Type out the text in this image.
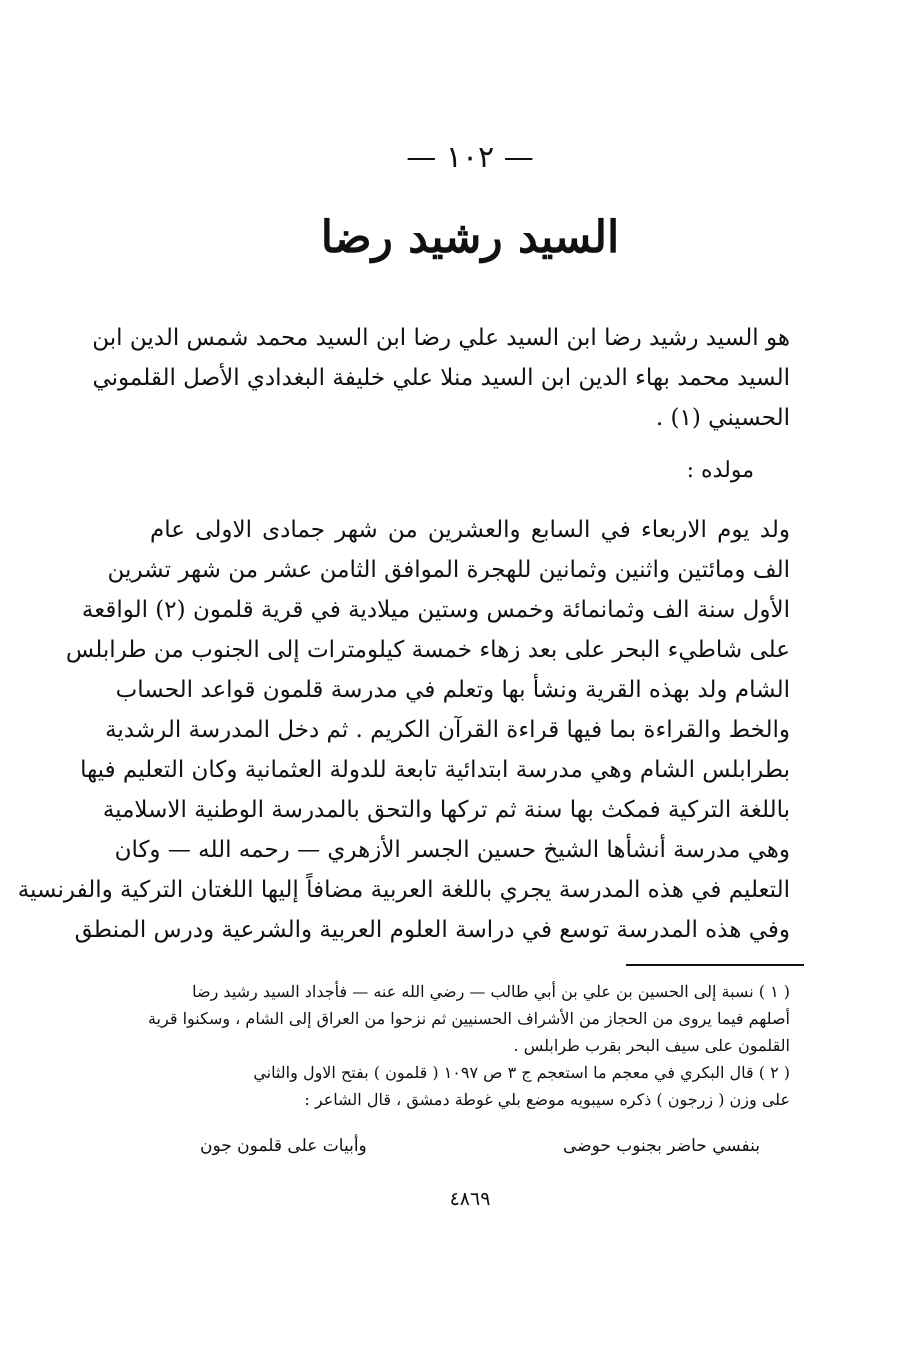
— ١٠٢ —
السيد رشيد رضا
هو السيد رشيد رضا ابن السيد علي رضا ابن السيد محمد شمس الدين ابن
السيد محمد بهاء الدين ابن السيد منلا علي خليفة البغدادي الأصل القلموني
الحسيني (١) .
مولده :
ولد يوم الاربعاء في السابع والعشرين من شهر جمادى الاولى عام
الف ومائتين واثنين وثمانين للهجرة الموافق الثامن عشر من شهر تشرين
الأول سنة الف وثمانمائة وخمس وستين ميلادية في قرية قلمون (٢) الواقعة
على شاطيء البحر على بعد زهاء خمسة كيلومترات إلى الجنوب من طرابلس
الشام ولد بهذه القرية ونشأ بها وتعلم في مدرسة قلمون قواعد الحساب
والخط والقراءة بما فيها قراءة القرآن الكريم . ثم دخل المدرسة الرشدية
بطرابلس الشام وهي مدرسة ابتدائية تابعة للدولة العثمانية وكان التعليم فيها
باللغة التركية فمكث بها سنة ثم تركها والتحق بالمدرسة الوطنية الاسلامية
وهي مدرسة أنشأها الشيخ حسين الجسر الأزهري — رحمه الله — وكان
التعليم في هذه المدرسة يجري باللغة العربية مضافاً إليها اللغتان التركية والفرنسية
وفي هذه المدرسة توسع في دراسة العلوم العربية والشرعية ودرس المنطق
( ١ ) نسبة إلى الحسين بن علي بن أبي طالب — رضي الله عنه — فأجداد السيد رشيد رضا
أصلهم فيما يروى من الحجاز من الأشراف الحسنيين ثم نزحوا من العراق إلى الشام ، وسكنوا قرية
القلمون على سيف البحر بقرب طرابلس .
( ٢ ) قال البكري في معجم ما استعجم ج ٣ ص ١٠٩٧ ( قلمون ) بفتح الاول والثاني
على وزن ( زرجون ) ذكره سيبويه موضع بلي غوطة دمشق ، قال الشاعر :
بنفسي حاضر بجنوب حوضى
وأبيات على قلمون جون
٤٨٦٩
